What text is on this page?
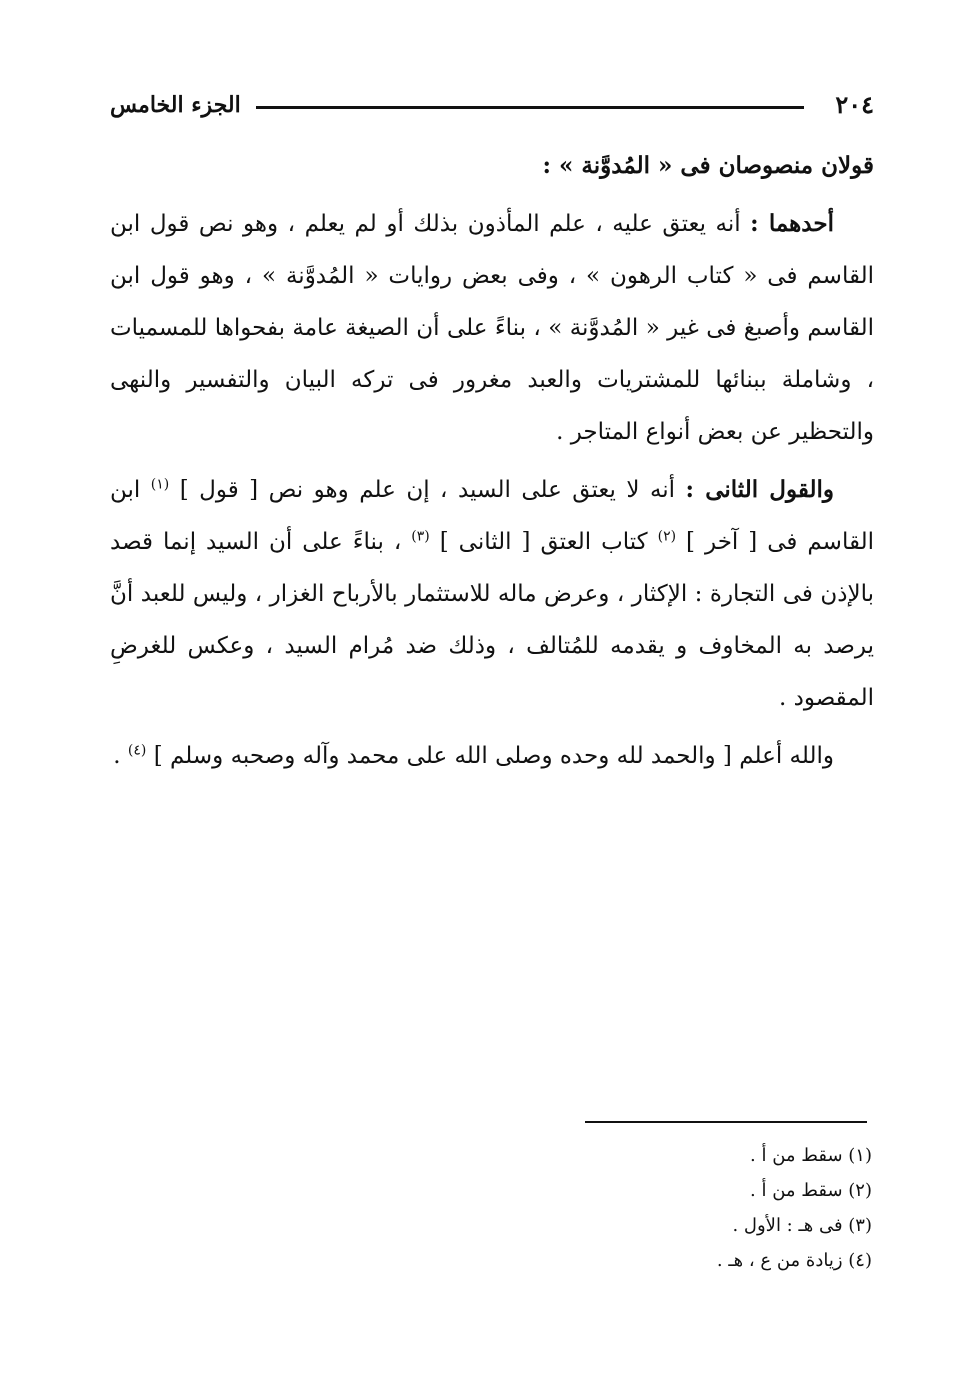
الجزء الخامس	٢٠٤

قولان منصوصان فى « المُدوَّنة » :

أحدهما : أنه يعتق عليه ، علم المأذون بذلك أو لم يعلم ، وهو نص قول ابن القاسم فى « كتاب الرهون » ، وفى بعض روايات « المُدوَّنة » ، وهو قول ابن القاسم وأصبغ فى غير « المُدوَّنة » ، بناءً على أن الصيغة عامة بفحواها للمسميات ، وشاملة ببنائها للمشتريات والعبد مغرور فى تركه البيان والتفسير والنهى والتحظير عن بعض أنواع المتاجر .

والقول الثانى : أنه لا يعتق على السيد ، إن علم وهو نص [ قول ] $^{(١)}$ ابن القاسم فى [ آخر ] $^{(٢)}$ كتاب العتق [ الثانى ] $^{(٣)}$ ، بناءً على أن السيد إنما قصد بالإذن فى التجارة : الإكثار ، وعرض ماله للاستثمار بالأرباح الغزار ، وليس للعبد أنَّ يرصد به المخاوف و يقدمه للمُتالف ، وذلك ضد مُرام السيد ، وعكس للغرضِ المقصود .

والله أعلم [ والحمد لله وحده وصلى الله على محمد وآله وصحبه وسلم ] $^{(٤)}$ .

(١) سقط من أ .

(٢) سقط من أ .

(٣) فى هـ : الأول .

(٤) زيادة من ع ، هـ .
